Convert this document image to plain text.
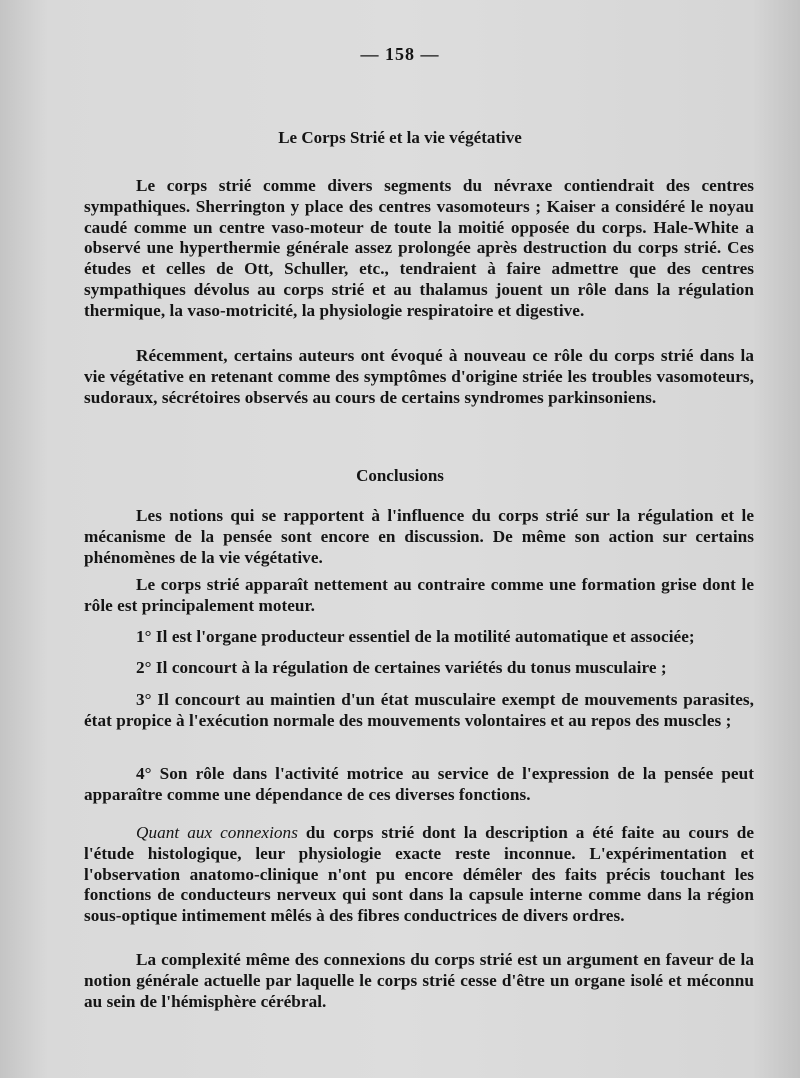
— 158 —
Le Corps Strié et la vie végétative

Le corps strié comme divers segments du névraxe contiendrait des centres sympathiques. Sherrington y place des centres vasomoteurs ; Kaiser a considéré le noyau caudé comme un centre vaso-moteur de toute la moitié opposée du corps. Hale-White a observé une hyperthermie générale assez prolongée après destruction du corps strié. Ces études et celles de Ott, Schuller, etc., tendraient à faire admettre que des centres sympathiques dévolus au corps strié et au thalamus jouent un rôle dans la régulation thermique, la vaso-motricité, la physiologie respiratoire et digestive.

Récemment, certains auteurs ont évoqué à nouveau ce rôle du corps strié dans la vie végétative en retenant comme des symptômes d'origine striée les troubles vasomoteurs, sudoraux, sécrétoires observés au cours de certains syndromes parkinsoniens.

Conclusions

Les notions qui se rapportent à l'influence du corps strié sur la régulation et le mécanisme de la pensée sont encore en discussion. De même son action sur certains phénomènes de la vie végétative.

Le corps strié apparaît nettement au contraire comme une formation grise dont le rôle est principalement moteur.

1° Il est l'organe producteur essentiel de la motilité automatique et associée;

2° Il concourt à la régulation de certaines variétés du tonus musculaire ;

3° Il concourt au maintien d'un état musculaire exempt de mouvements parasites, état propice à l'exécution normale des mouvements volontaires et au repos des muscles ;

4° Son rôle dans l'activité motrice au service de l'expression de la pensée peut apparaître comme une dépendance de ces diverses fonctions.

Quant aux connexions du corps strié dont la description a été faite au cours de l'étude histologique, leur physiologie exacte reste inconnue. L'expérimentation et l'observation anatomo-clinique n'ont pu encore démêler des faits précis touchant les fonctions de conducteurs nerveux qui sont dans la capsule interne comme dans la région sous-optique intimement mêlés à des fibres conductrices de divers ordres.

La complexité même des connexions du corps strié est un argument en faveur de la notion générale actuelle par laquelle le corps strié cesse d'être un organe isolé et méconnu au sein de l'hémisphère cérébral.
